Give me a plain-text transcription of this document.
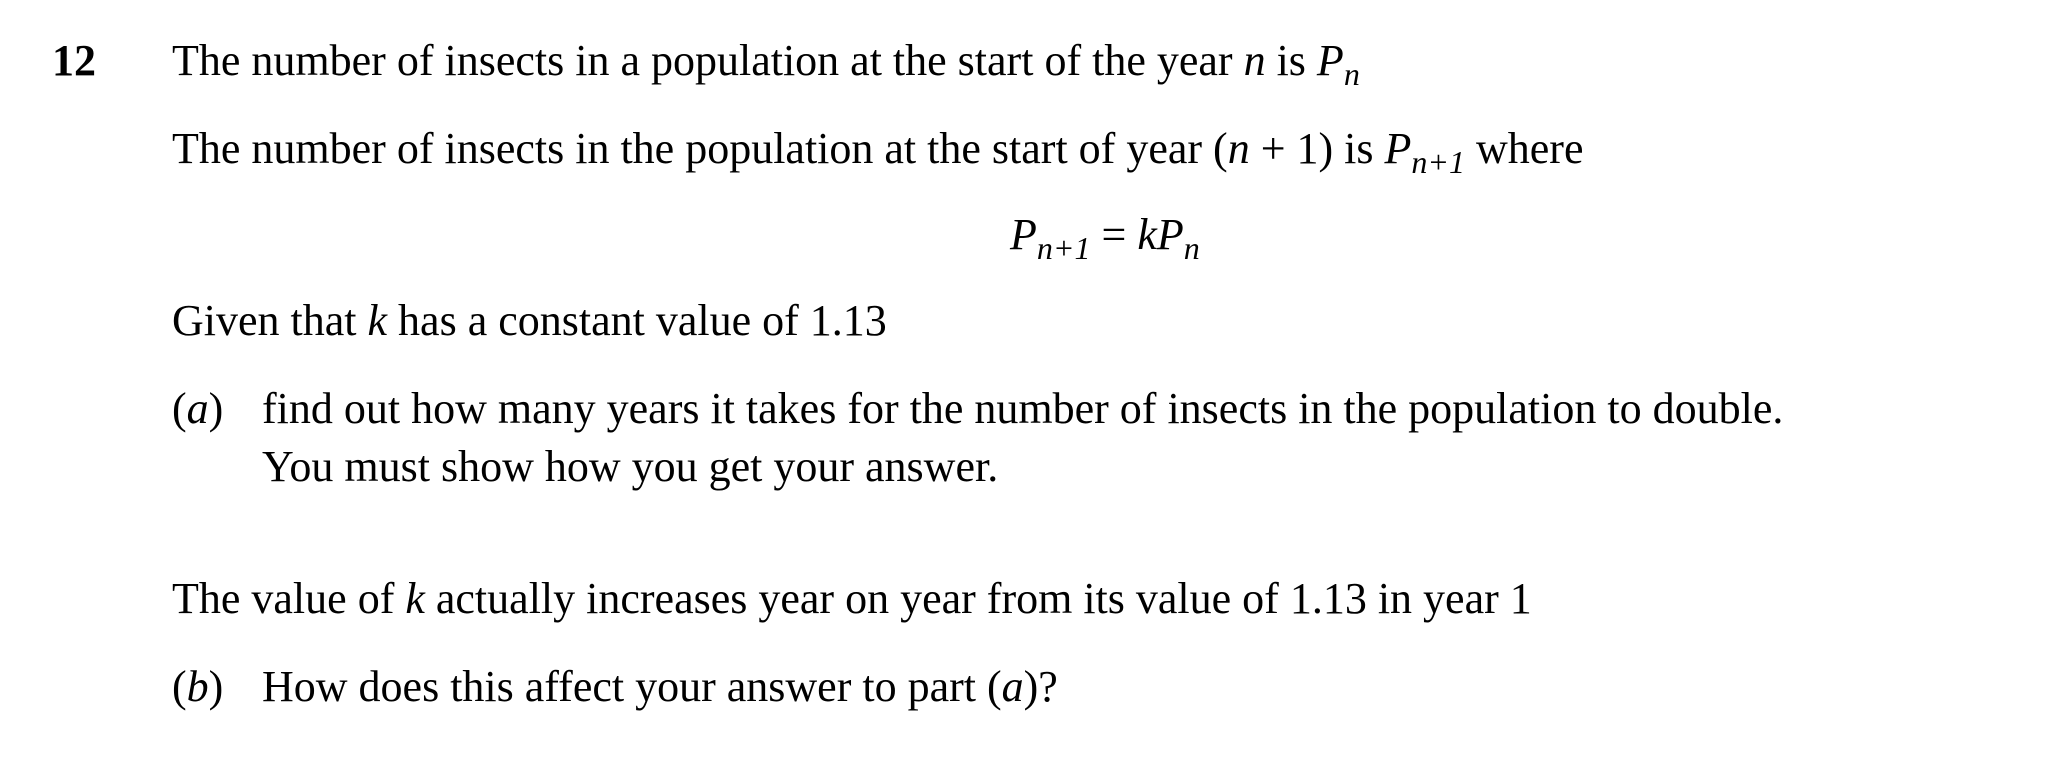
12 The number of insects in a population at the start of the year n is $P_n$
The number of insects in the population at the start of year (n + 1) is $P_{n+1}$ where
$P_{n+1} = kP_n$
Given that k has a constant value of 1.13
(a) find out how many years it takes for the number of insects in the population to double.
You must show how you get your answer.
The value of k actually increases year on year from its value of 1.13 in year 1
(b) How does this affect your answer to part (a)?
